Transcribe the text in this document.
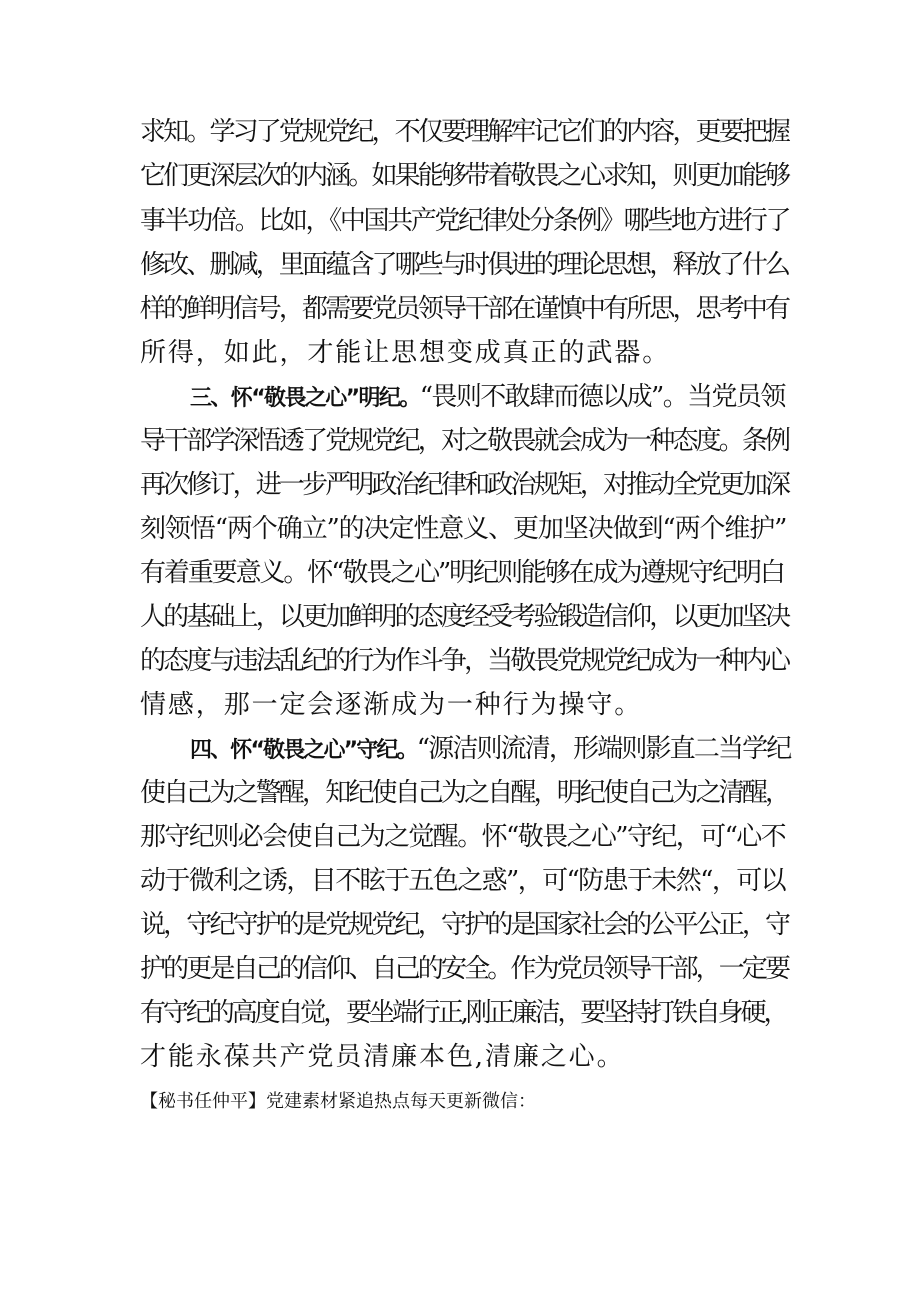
求知。学习了党规党纪，不仅要理解牢记它们的内容，更要把握

它们更深层次的内涵。如果能够带着敬畏之心求知，则更加能够

事半功倍。比如，《中国共产党纪律处分条例》哪些地方进行了

修改、删减，里面蕴含了哪些与时俱进的理论思想，释放了什么

样的鲜明信号，都需要党员领导干部在谨慎中有所思，思考中有

所得，如此，才能让思想变成真正的武器。

三、怀“敬畏之心”明纪。“畏则不敢肆而德以成”。当党员领

导干部学深悟透了党规党纪，对之敬畏就会成为一种态度。条例

再次修订，进一步严明政治纪律和政治规矩，对推动全党更加深

刻领悟“两个确立”的决定性意义、更加坚决做到“两个维护”

有着重要意义。怀“敬畏之心”明纪则能够在成为遵规守纪明白

人的基础上，以更加鲜明的态度经受考验锻造信仰，以更加坚决

的态度与违法乱纪的行为作斗争，当敬畏党规党纪成为一种内心

情感，那一定会逐渐成为一种行为操守。

四、怀“敬畏之心”守纪。“源洁则流清，形端则影直二当学纪

使自己为之警醒，知纪使自己为之自醒，明纪使自己为之清醒，

那守纪则必会使自己为之觉醒。怀“敬畏之心”守纪，可“心不

动于微利之诱，目不眩于五色之惑”，可“防患于未然“，可以

说，守纪守护的是党规党纪，守护的是国家社会的公平公正，守

护的更是自己的信仰、自己的安全。作为党员领导干部，一定要

有守纪的高度自觉，要坐端行正,刚正廉洁，要坚持打铁自身硬，

才能永葆共产党员清廉本色,清廉之心。

【秘书任仲平】党建素材紧追热点每天更新微信：
